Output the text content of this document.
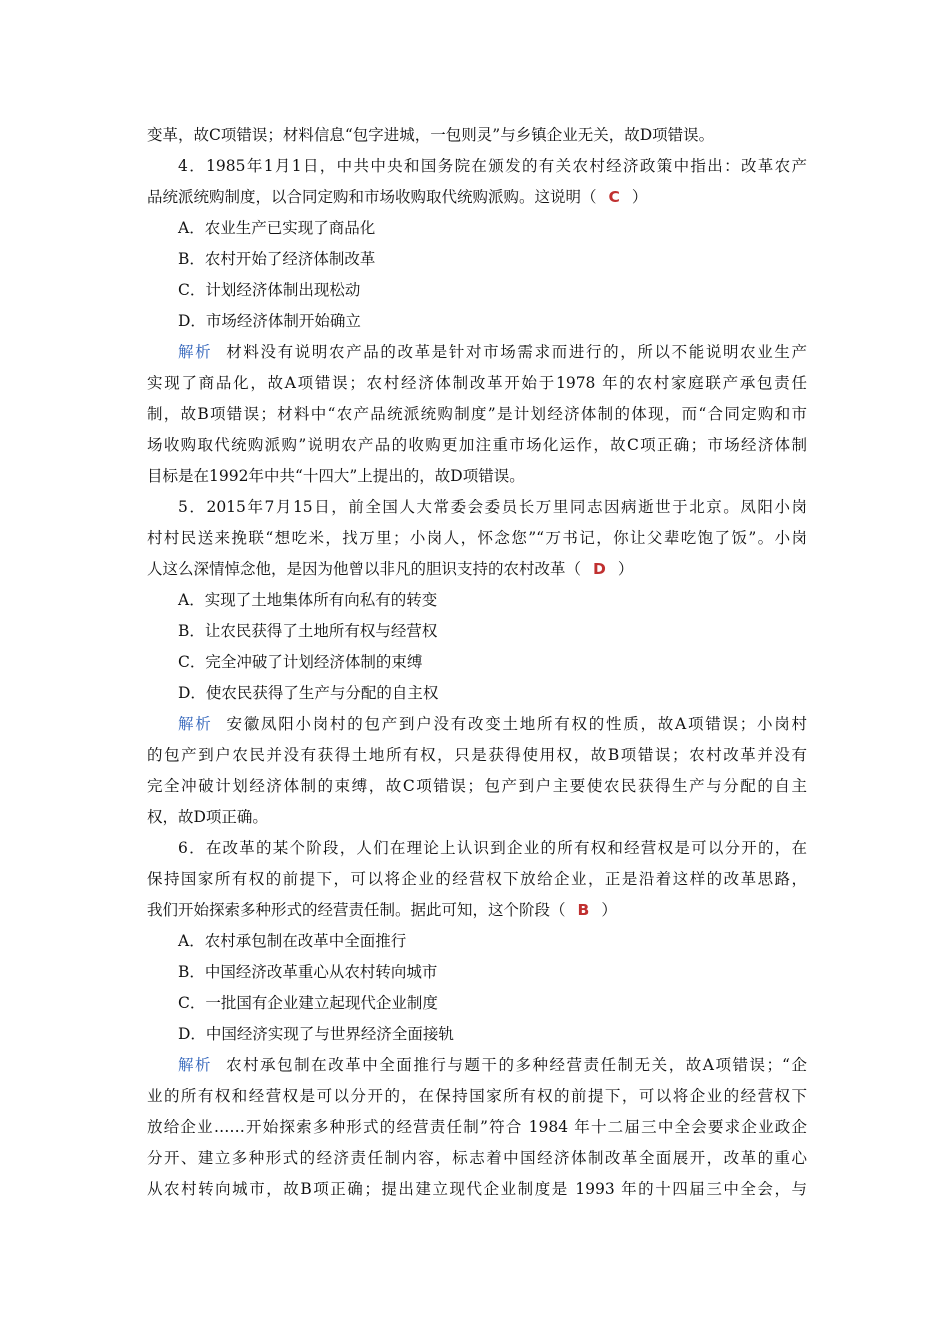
变革，故C项错误；材料信息“包字进城，一包则灵”与乡镇企业无关，故D项错误。
4．1985年1月1日，中共中央和国务院在颁发的有关农村经济政策中指出：改革农产
品统派统购制度，以合同定购和市场收购取代统购派购。这说明（ C ）
A．农业生产已实现了商品化
B．农村开始了经济体制改革
C．计划经济体制出现松动
D．市场经济体制开始确立
解析 材料没有说明农产品的改革是针对市场需求而进行的，所以不能说明农业生产
实现了商品化，故A项错误；农村经济体制改革开始于1978 年的农村家庭联产承包责任
制，故B项错误；材料中“农产品统派统购制度”是计划经济体制的体现，而“合同定购和市
场收购取代统购派购”说明农产品的收购更加注重市场化运作，故C项正确；市场经济体制
目标是在1992年中共“十四大”上提出的，故D项错误。
5．2015年7月15日，前全国人大常委会委员长万里同志因病逝世于北京。凤阳小岗
村村民送来挽联“想吃米，找万里；小岗人，怀念您”“万书记，你让父辈吃饱了饭”。小岗
人这么深情悼念他，是因为他曾以非凡的胆识支持的农村改革（ D ）
A．实现了土地集体所有向私有的转变
B．让农民获得了土地所有权与经营权
C．完全冲破了计划经济体制的束缚
D．使农民获得了生产与分配的自主权
解析 安徽凤阳小岗村的包产到户没有改变土地所有权的性质，故A项错误；小岗村
的包产到户农民并没有获得土地所有权，只是获得使用权，故B项错误；农村改革并没有
完全冲破计划经济体制的束缚，故C项错误；包产到户主要使农民获得生产与分配的自主
权，故D项正确。
6．在改革的某个阶段，人们在理论上认识到企业的所有权和经营权是可以分开的，在
保持国家所有权的前提下，可以将企业的经营权下放给企业，正是沿着这样的改革思路，
我们开始探索多种形式的经营责任制。据此可知，这个阶段（ B ）
A．农村承包制在改革中全面推行
B．中国经济改革重心从农村转向城市
C．一批国有企业建立起现代企业制度
D．中国经济实现了与世界经济全面接轨
解析 农村承包制在改革中全面推行与题干的多种经营责任制无关，故A项错误；“企
业的所有权和经营权是可以分开的，在保持国家所有权的前提下，可以将企业的经营权下
放给企业……开始探索多种形式的经营责任制”符合 1984 年十二届三中全会要求企业政企
分开、建立多种形式的经济责任制内容，标志着中国经济体制改革全面展开，改革的重心
从农村转向城市，故B项正确；提出建立现代企业制度是 1993 年的十四届三中全会，与
